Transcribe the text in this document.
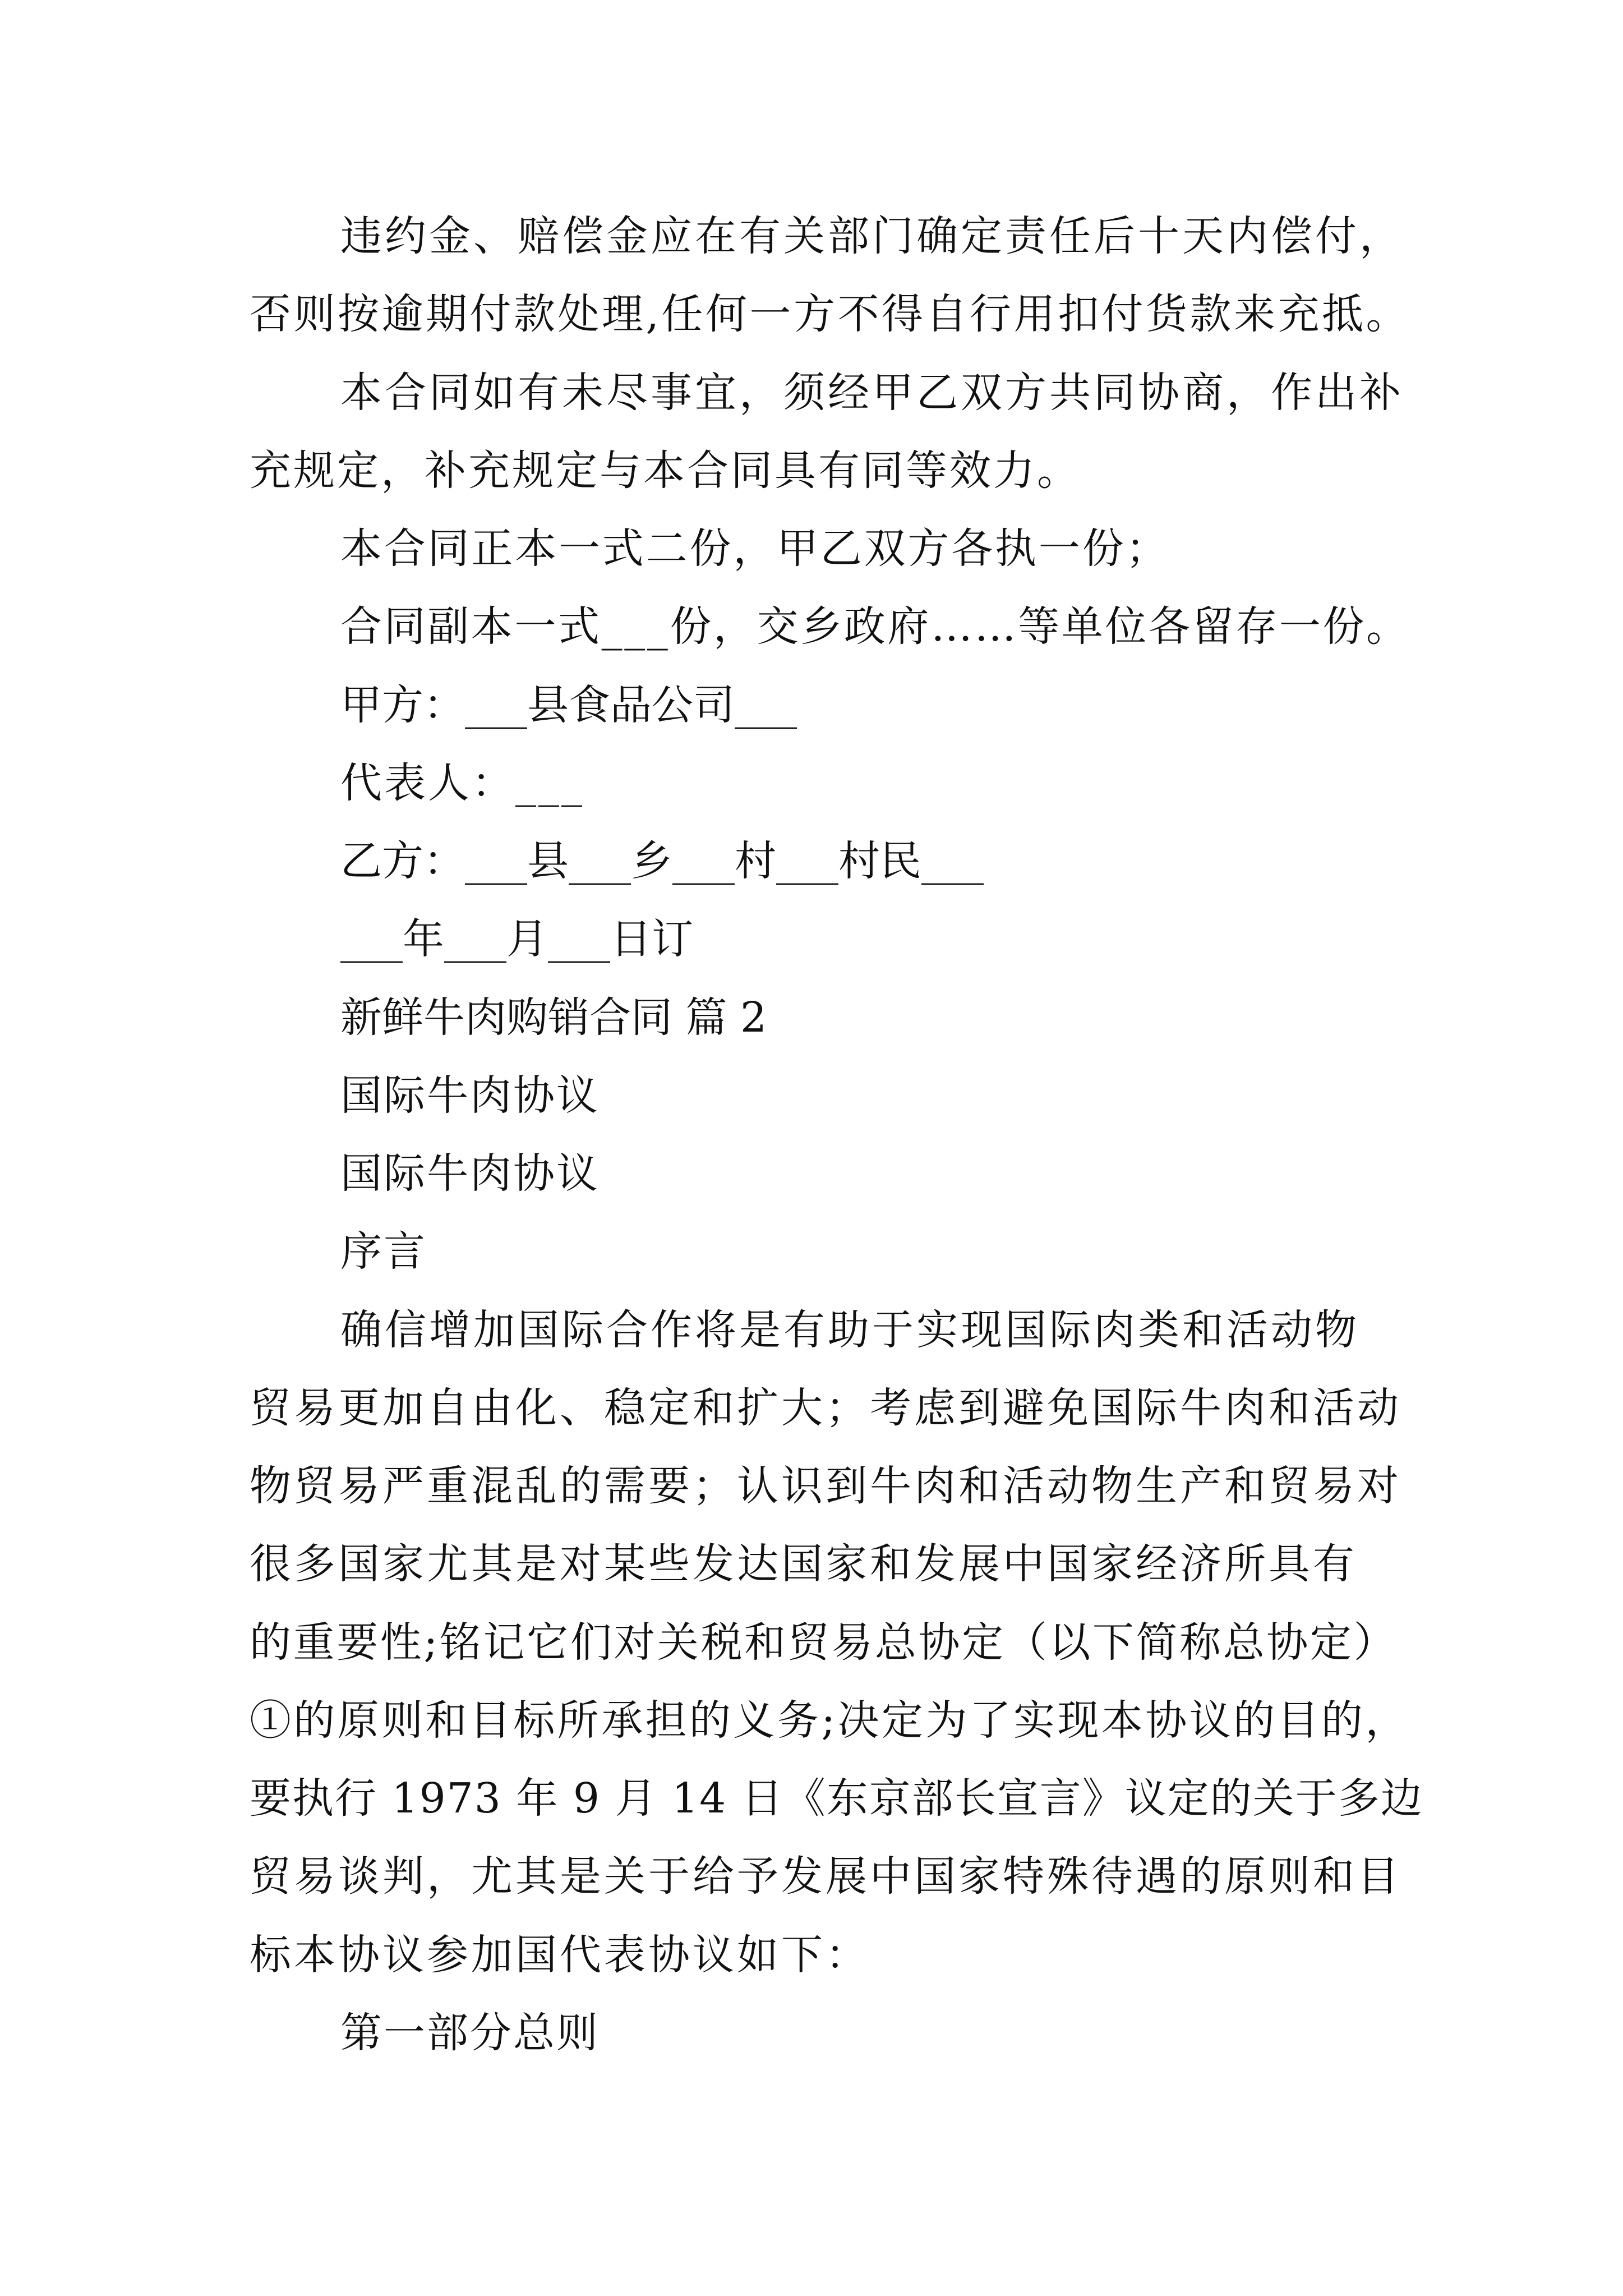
违约金、赔偿金应在有关部门确定责任后十天内偿付，
否则按逾期付款处理,任何一方不得自行用扣付货款来充抵。
本合同如有未尽事宜，须经甲乙双方共同协商，作出补
充规定，补充规定与本合同具有同等效力。
本合同正本一式二份，甲乙双方各执一份；
合同副本一式___份，交乡政府……等单位各留存一份。
甲方：___县食品公司___
代表人：___
乙方：___县___乡___村___村民___
___年___月___日订
新鲜牛肉购销合同 篇 2
国际牛肉协议
国际牛肉协议
序言
确信增加国际合作将是有助于实现国际肉类和活动物
贸易更加自由化、稳定和扩大；考虑到避免国际牛肉和活动
物贸易严重混乱的需要；认识到牛肉和活动物生产和贸易对
很多国家尤其是对某些发达国家和发展中国家经济所具有
的重要性;铭记它们对关税和贸易总协定（以下简称总协定）
①的原则和目标所承担的义务;决定为了实现本协议的目的，
要执行 1973 年 9 月 14 日《东京部长宣言》议定的关于多边
贸易谈判，尤其是关于给予发展中国家特殊待遇的原则和目
标本协议参加国代表协议如下：
第一部分总则
